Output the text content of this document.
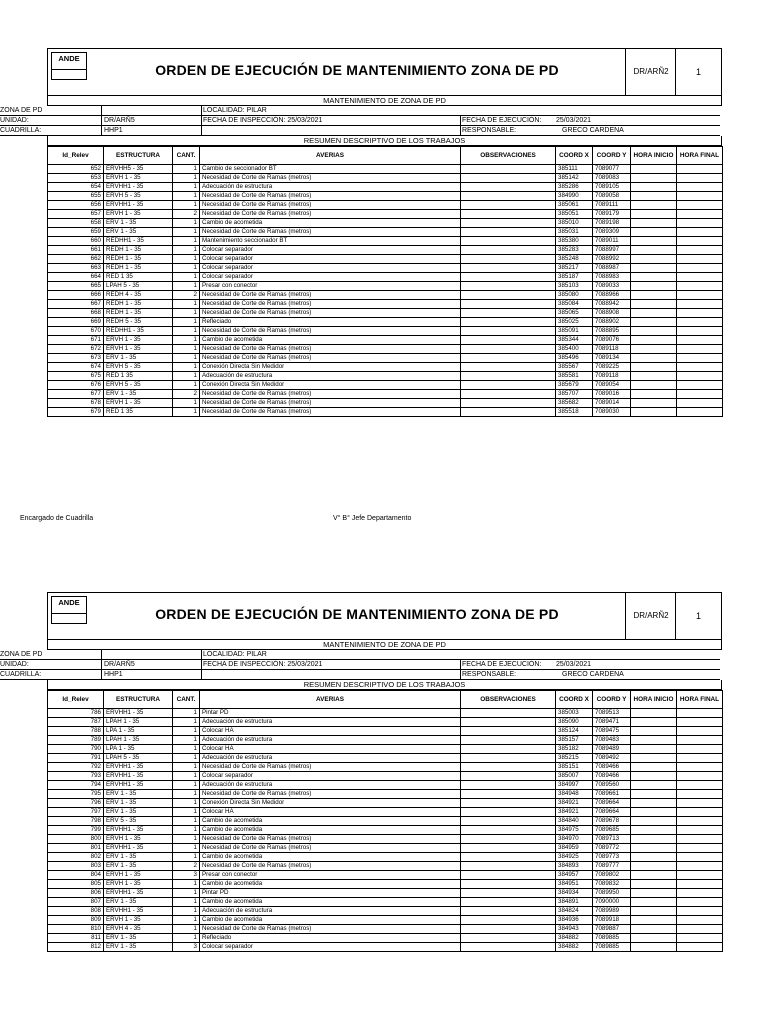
ANDE
ORDEN DE EJECUCIÓN DE MANTENIMIENTO ZONA DE PD	DR/ARÑ2	1
MANTENIMIENTO DE ZONA DE PD
ZONA DE PD	LOCALIDAD: PILAR
UNIDAD:	DR/ARÑ5	FECHA DE INSPECCIÓN: 25/03/2021	FECHA DE EJECUCIÓN: 25/03/2021
CUADRILLA:	HHP1	RESPONSABLE:	GRECO CARDENA
RESUMEN DESCRIPTIVO DE LOS TRABAJOS
Id_Relev	ESTRUCTURA	CANT.	AVERIAS	OBSERVACIONES	COORD X	COORD Y	HORA INICIO	HORA FINAL
652	ERVHH5 - 35	1	Cambio de seccionador BT		385111	7089077		
653	ERVH 1 - 35	1	Necesidad de Corte de Ramas (metros)		385142	7089083		
654	ERVHH1 - 35	1	Adecuación de estructura		385286	7089105		
655	ERVH 5 - 35	1	Necesidad de Corte de Ramas (metros)		384990	7089058		
656	ERVHH1 - 35	1	Necesidad de Corte de Ramas (metros)		385061	7089111		
657	ERVH 1 - 35	2	Necesidad de Corte de Ramas (metros)		385051	7089179		
658	ERV 1 - 35	1	Cambio de acometida		385010	7089198		
659	ERV 1 - 35	1	Necesidad de Corte de Ramas (metros)		385031	7089309		
660	REDHH1 - 35	1	Mantenimiento seccionador BT		385380	7089011		
661	REDH 1 - 35	1	Colocar separador		385283	7088997		
662	REDH 1 - 35	1	Colocar separador		385248	7088992		
663	REDH 1 - 35	1	Colocar separador		385217	7088987		
664	RED 1 35	1	Colocar separador		385187	7088983		
665	LPAH 5 - 35	1	Presar con conector		385103	7089033		
666	REDH 4 - 35	2	Necesidad de Corte de Ramas (metros)		385080	7088966		
667	REDH 1 - 35	1	Necesidad de Corte de Ramas (metros)		385084	7088942		
668	REDH 1 - 35	1	Necesidad de Corte de Ramas (metros)		385065	7088908		
669	REDH 5 - 35	1	Refleciado		385025	7088902		
670	REDHH1 - 35	1	Necesidad de Corte de Ramas (metros)		385091	7088895		
671	ERVH 1 - 35	1	Cambio de acometida		385344	7089076		
672	ERVH 1 - 35	1	Necesidad de Corte de Ramas (metros)		385400	7089118		
673	ERV 1 - 35	1	Necesidad de Corte de Ramas (metros)		385496	7089134		
674	ERVH 5 - 35	1	Conexión Directa Sin Medidor		385567	7089225		
675	RED 1 35	1	Adecuación de estructura		385581	7089118		
676	ERVH 5 - 35	1	Conexión Directa Sin Medidor		385679	7089054		
677	ERV 1 - 35	2	Necesidad de Corte de Ramas (metros)		385707	7089016		
678	ERVH 1 - 35	1	Necesidad de Corte de Ramas (metros)		385682	7089014		
679	RED 1 35	1	Necesidad de Corte de Ramas (metros)		385518	7089030		
Encargado de Cuadrilla	V° B° Jefe Departamento
ANDE
ORDEN DE EJECUCIÓN DE MANTENIMIENTO ZONA DE PD	DR/ARÑ2	1
MANTENIMIENTO DE ZONA DE PD
ZONA DE PD	LOCALIDAD: PILAR
UNIDAD:	DR/ARÑ5	FECHA DE INSPECCIÓN: 25/03/2021	FECHA DE EJECUCIÓN: 25/03/2021
CUADRILLA:	HHP1	RESPONSABLE:	GRECO CARDENA
RESUMEN DESCRIPTIVO DE LOS TRABAJOS
Id_Relev	ESTRUCTURA	CANT.	AVERIAS	OBSERVACIONES	COORD X	COORD Y	HORA INICIO	HORA FINAL
786	ERVHH1 - 35	1	Pintar PD		385003	7089513		
787	LPAH 1 - 35	1	Adecuación de estructura		385090	7089471		
788	LPA 1 - 35	1	Colocar HA		385124	7089475		
789	LPAH 1 - 35	1	Adecuación de estructura		385157	7089483		
790	LPA 1 - 35	1	Colocar HA		385182	7089489		
791	LPAH 5 - 35	1	Adecuación de estructura		385215	7089492		
792	ERVHH1 - 35	1	Necesidad de Corte de Ramas (metros)		385151	7089466		
793	ERVHH1 - 35	1	Colocar separador		385007	7089466		
794	ERVHH1 - 35	1	Adecuación de estructura		384997	7089560		
795	ERV 1 - 35	1	Necesidad de Corte de Ramas (metros)		384948	7089661		
796	ERV 1 - 35	1	Conexión Directa Sin Medidor		384921	7089664		
797	ERV 1 - 35	1	Colocar HA		384921	7089664		
798	ERV 5 - 35	1	Cambio de acometida		384840	7089678		
799	ERVHH1 - 35	1	Cambio de acometida		384975	7089685		
800	ERVH 1 - 35	1	Necesidad de Corte de Ramas (metros)		384970	7089713		
801	ERVHH1 - 35	1	Necesidad de Corte de Ramas (metros)		384959	7089772		
802	ERV 1 - 35	1	Cambio de acometida		384925	7089773		
803	ERV 1 - 35	2	Necesidad de Corte de Ramas (metros)		384893	7089777		
804	ERVH 1 - 35	3	Presar con conector		384957	7089802		
805	ERVH 1 - 35	1	Cambio de acometida		384951	7089832		
806	ERVHH1 - 35	1	Pintar PD		384934	7089950		
807	ERV 1 - 35	1	Cambio de acometida		384891	7090000		
808	ERVHH1 - 35	1	Adecuación de estructura		384824	7089989		
809	ERVH 1 - 35	1	Cambio de acometida		384936	7089918		
810	ERVH 4 - 35	1	Necesidad de Corte de Ramas (metros)		384943	7089887		
811	ERV 1 - 35	1	Refleciado		384882	7089885		
812	ERV 1 - 35	3	Colocar separador		384882	7089885		
